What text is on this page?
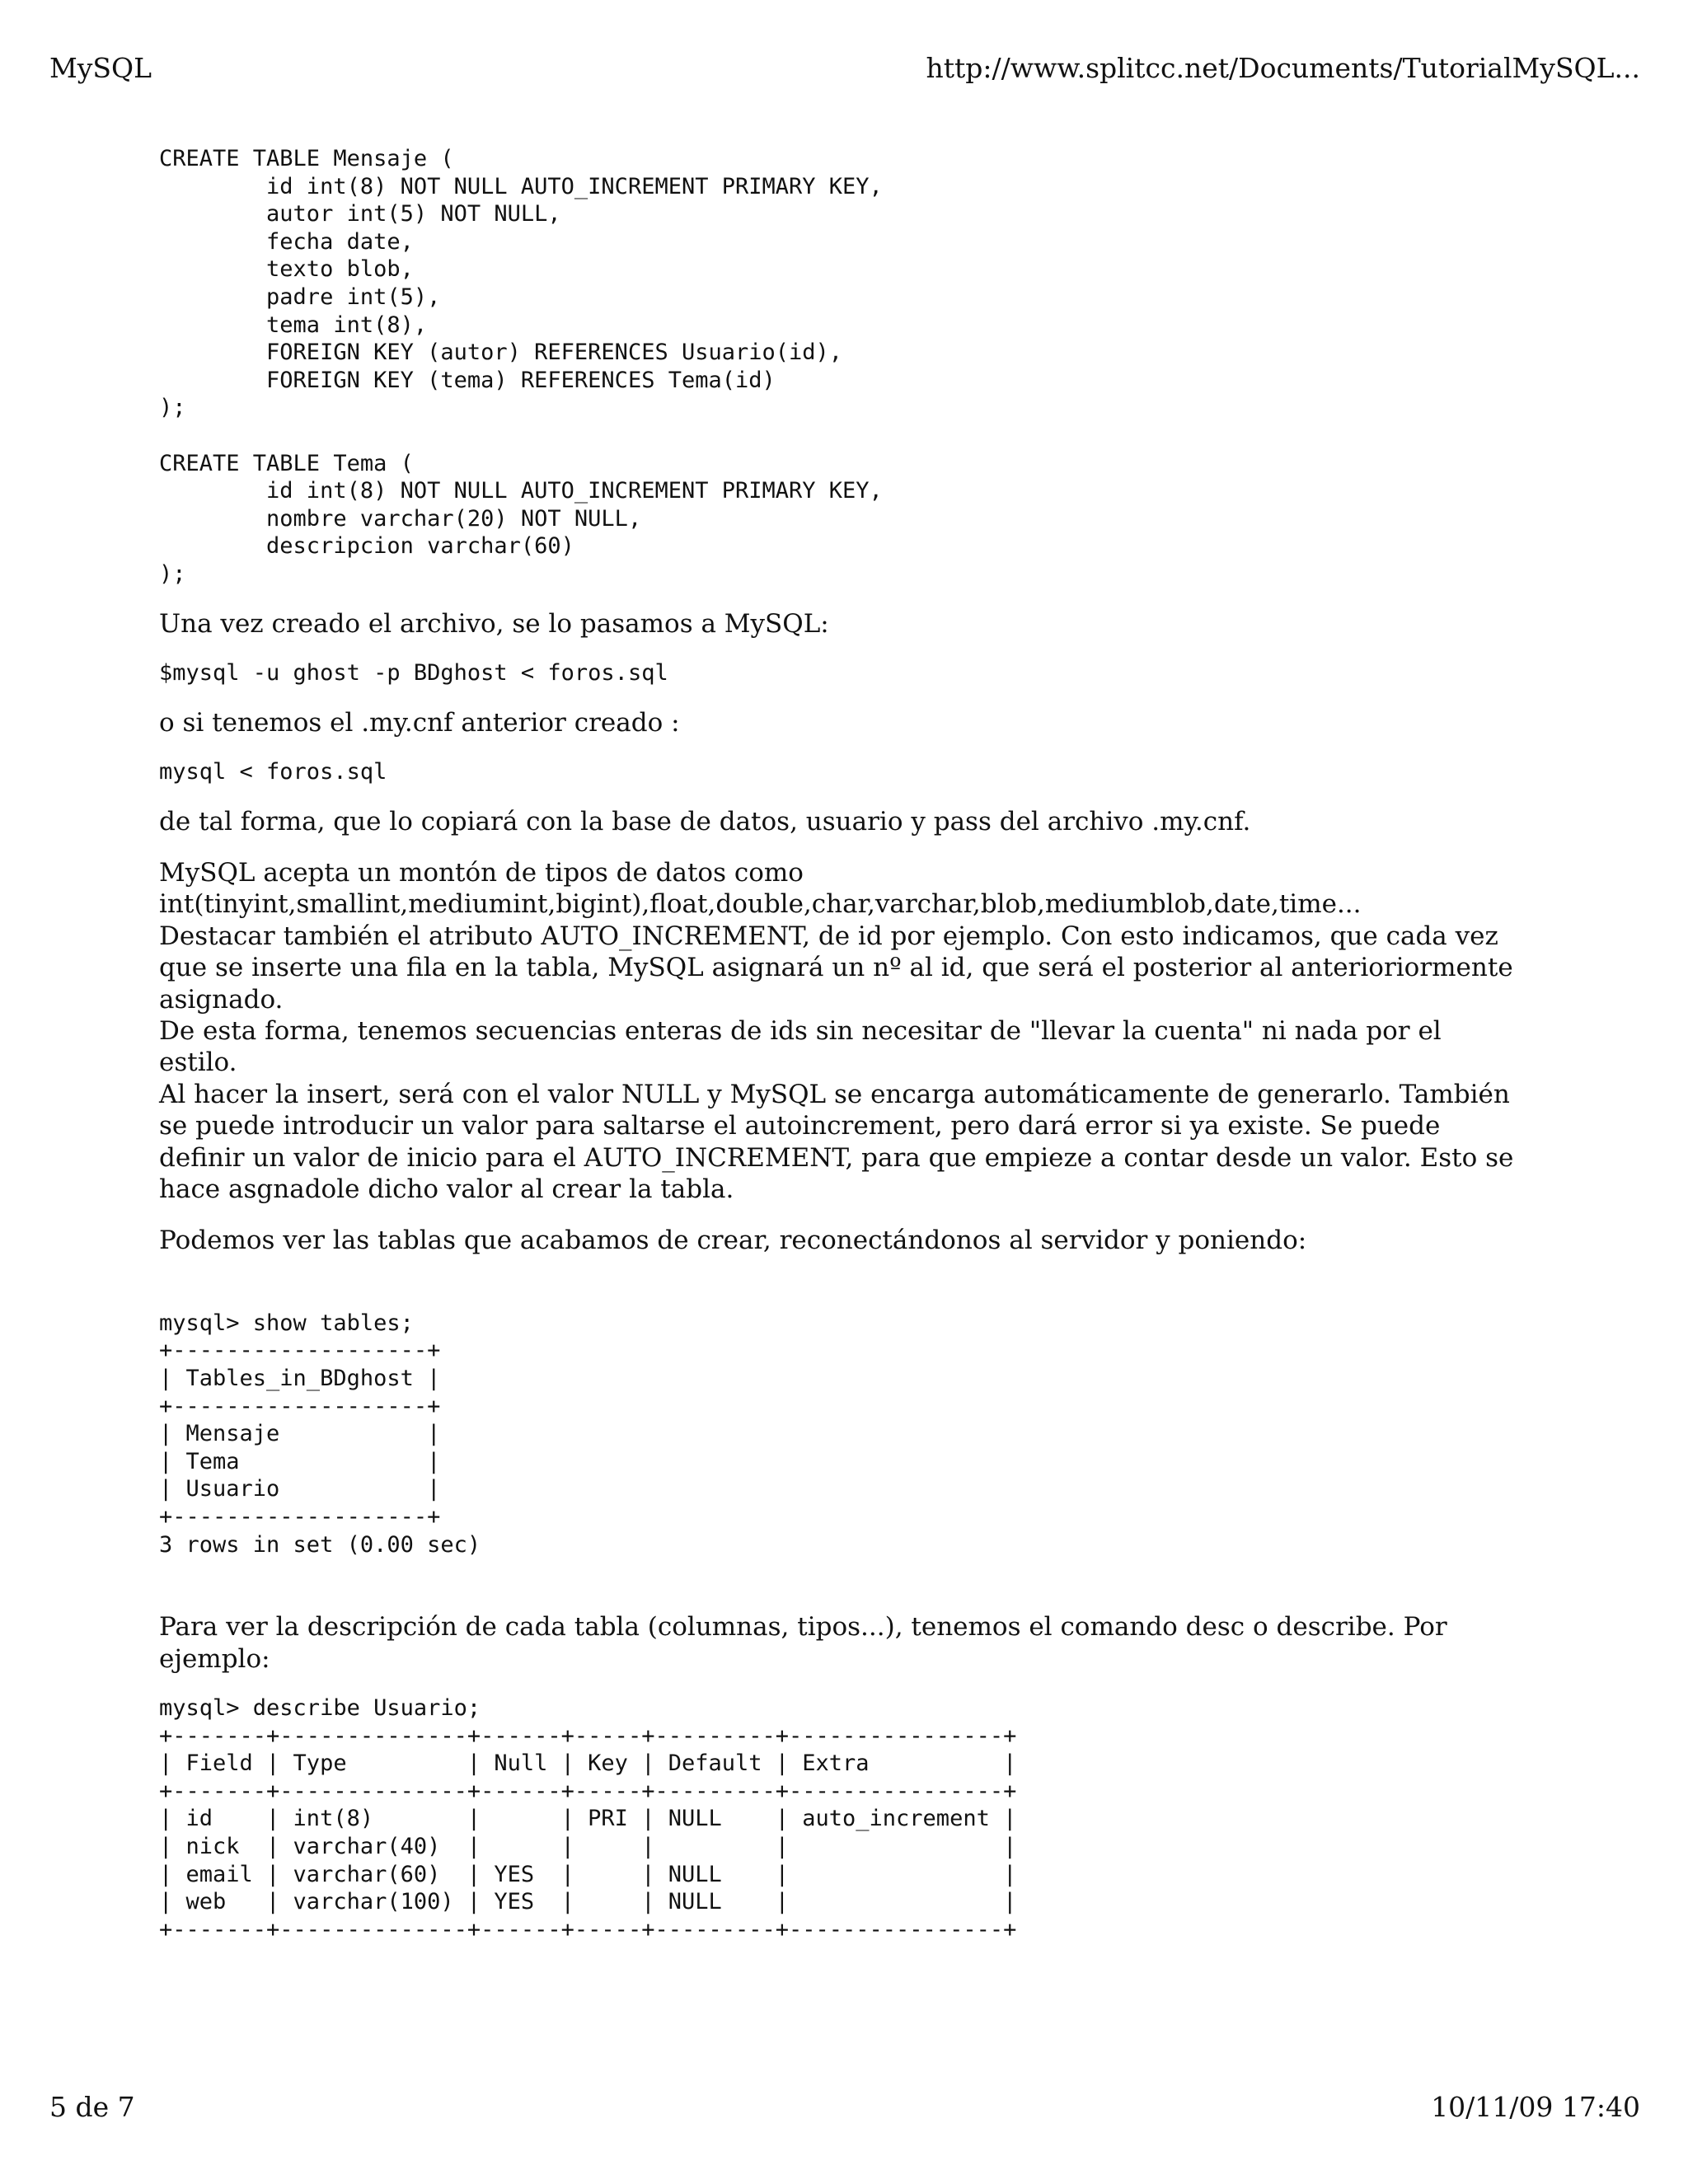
MySQL	http://www.splitcc.net/Documents/TutorialMySQL...
CREATE TABLE Mensaje (
id int(8) NOT NULL AUTO_INCREMENT PRIMARY KEY,
autor int(5) NOT NULL,
fecha date,
texto blob,
padre int(5),
tema int(8),
FOREIGN KEY (autor) REFERENCES Usuario(id),
FOREIGN KEY (tema) REFERENCES Tema(id)
);

CREATE TABLE Tema (
id int(8) NOT NULL AUTO_INCREMENT PRIMARY KEY,
nombre varchar(20) NOT NULL,
descripcion varchar(60)
);

Una vez creado el archivo, se lo pasamos a MySQL:

$mysql -u ghost -p BDghost < foros.sql

o si tenemos el .my.cnf anterior creado :

mysql < foros.sql

de tal forma, que lo copiará con la base de datos, usuario y pass del archivo .my.cnf.

MySQL acepta un montón de tipos de datos como
int(tinyint,smallint,mediumint,bigint),float,double,char,varchar,blob,mediumblob,date,time...
Destacar también el atributo AUTO_INCREMENT, de id por ejemplo. Con esto indicamos, que cada vez
que se inserte una fila en la tabla, MySQL asignará un nº al id, que será el posterior al anterioriormente
asignado.
De esta forma, tenemos secuencias enteras de ids sin necesitar de "llevar la cuenta" ni nada por el estilo.
Al hacer la insert, será con el valor NULL y MySQL se encarga automáticamente de generarlo. También
se puede introducir un valor para saltarse el autoincrement, pero dará error si ya existe. Se puede
definir un valor de inicio para el AUTO_INCREMENT, para que empieze a contar desde un valor. Esto se
hace asgnadole dicho valor al crear la tabla.

Podemos ver las tablas que acabamos de crear, reconectándonos al servidor y poniendo:

mysql> show tables;
+-------------------+
| Tables_in_BDghost |
+-------------------+
| Mensaje           |
| Tema              |
| Usuario           |
+-------------------+
3 rows in set (0.00 sec)

Para ver la descripción de cada tabla (columnas, tipos...), tenemos el comando desc o describe. Por
ejemplo:

mysql> describe Usuario;
+-------+--------------+------+-----+---------+----------------+
| Field | Type         | Null | Key | Default | Extra          |
+-------+--------------+------+-----+---------+----------------+
| id    | int(8)       |      | PRI | NULL    | auto_increment |
| nick  | varchar(40)  |      |     |         |                |
| email | varchar(60)  | YES  |     | NULL    |                |
| web   | varchar(100) | YES  |     | NULL    |                |
+-------+--------------+------+-----+---------+----------------+
5 de 7	10/11/09 17:40
